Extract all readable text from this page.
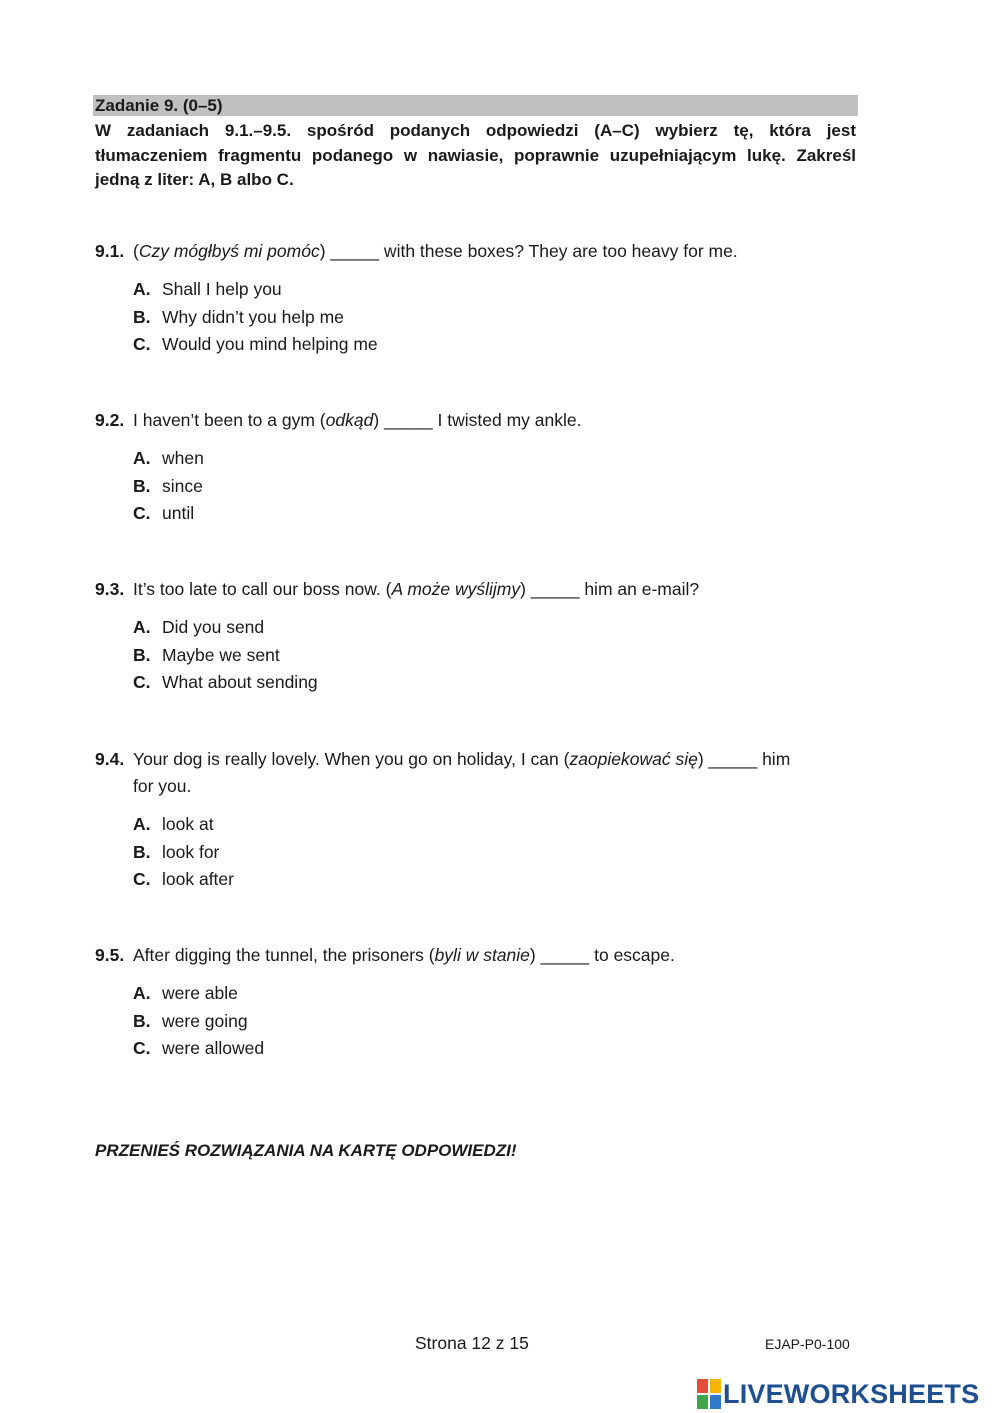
Zadanie 9. (0–5)
W zadaniach 9.1.–9.5. spośród podanych odpowiedzi (A–C) wybierz tę, która jest tłumaczeniem fragmentu podanego w nawiasie, poprawnie uzupełniającym lukę. Zakreśl jedną z liter: A, B albo C.
9.1. (Czy mógłbyś mi pomóc) _____ with these boxes? They are too heavy for me.
A. Shall I help you
B. Why didn’t you help me
C. Would you mind helping me
9.2. I haven’t been to a gym (odkąd) _____ I twisted my ankle.
A. when
B. since
C. until
9.3. It’s too late to call our boss now. (A może wyślijmy) _____ him an e-mail?
A. Did you send
B. Maybe we sent
C. What about sending
9.4. Your dog is really lovely. When you go on holiday, I can (zaopiekować się) _____ him
for you.
A. look at
B. look for
C. look after
9.5. After digging the tunnel, the prisoners (byli w stanie) _____ to escape.
A. were able
B. were going
C. were allowed
PRZENIEŚ ROZWIĄZANIA NA KARTĘ ODPOWIEDZI!
Strona 12 z 15	EJAP-P0-100
LIVEWORKSHEETS
